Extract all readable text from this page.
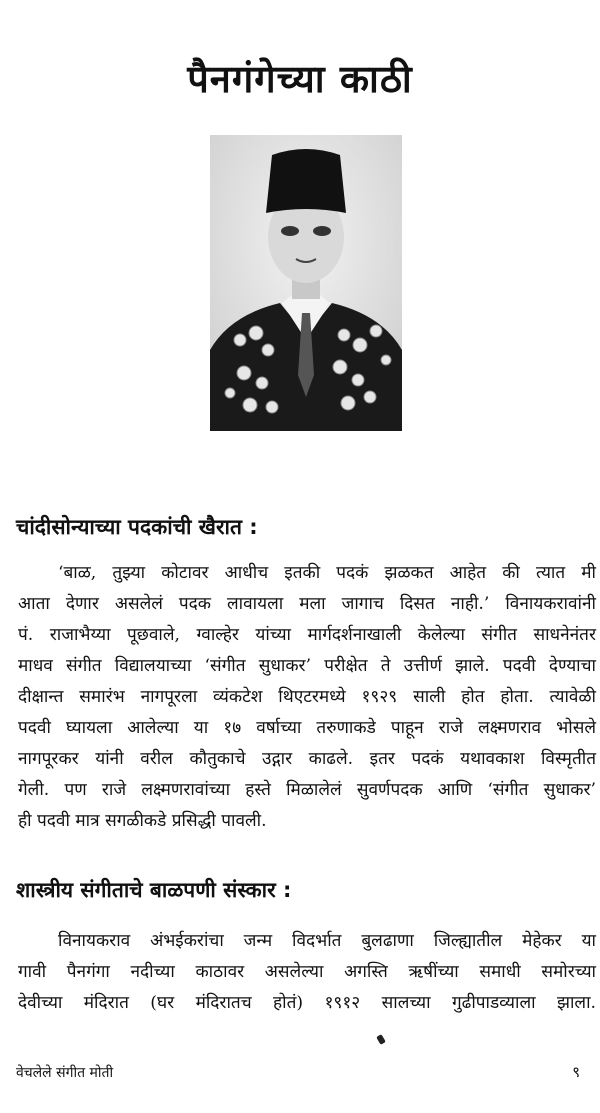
पैनगंगेच्या काठी
चांदीसोन्याच्या पदकांची खैरात :
‘बाळ, तुझ्या कोटावर आधीच इतकी पदकं झळकत आहेत की त्यात मी
आता देणार असलेलं पदक लावायला मला जागाच दिसत नाही.’ विनायकरावांनी
पं. राजाभैय्या पूछवाले, ग्वाल्हेर यांच्या मार्गदर्शनाखाली केलेल्या संगीत साधनेनंतर
माधव संगीत विद्यालयाच्या ‘संगीत सुधाकर’ परीक्षेत ते उत्तीर्ण झाले. पदवी देण्याचा
दीक्षान्त समारंभ नागपूरला व्यंकटेश थिएटरमध्ये १९२९ साली होत होता. त्यावेळी
पदवी घ्यायला आलेल्या या १७ वर्षाच्या तरुणाकडे पाहून राजे लक्ष्मणराव भोसले
नागपूरकर यांनी वरील कौतुकाचे उद्गार काढले. इतर पदकं यथावकाश विस्मृतीत
गेली. पण राजे लक्ष्मणरावांच्या हस्ते मिळालेलं सुवर्णपदक आणि ‘संगीत सुधाकर’
ही पदवी मात्र सगळीकडे प्रसिद्धी पावली.
शास्त्रीय संगीताचे बाळपणी संस्कार :
विनायकराव अंभईकरांचा जन्म विदर्भात बुलढाणा जिल्ह्यातील मेहेकर या
गावी पैनगंगा नदीच्या काठावर असलेल्या अगस्ति ऋषींच्या समाधी समोरच्या
देवीच्या मंदिरात (घर मंदिरातच होतं) १९१२ सालच्या गुढीपाडव्याला झाला.
वेचलेले संगीत मोती	९
